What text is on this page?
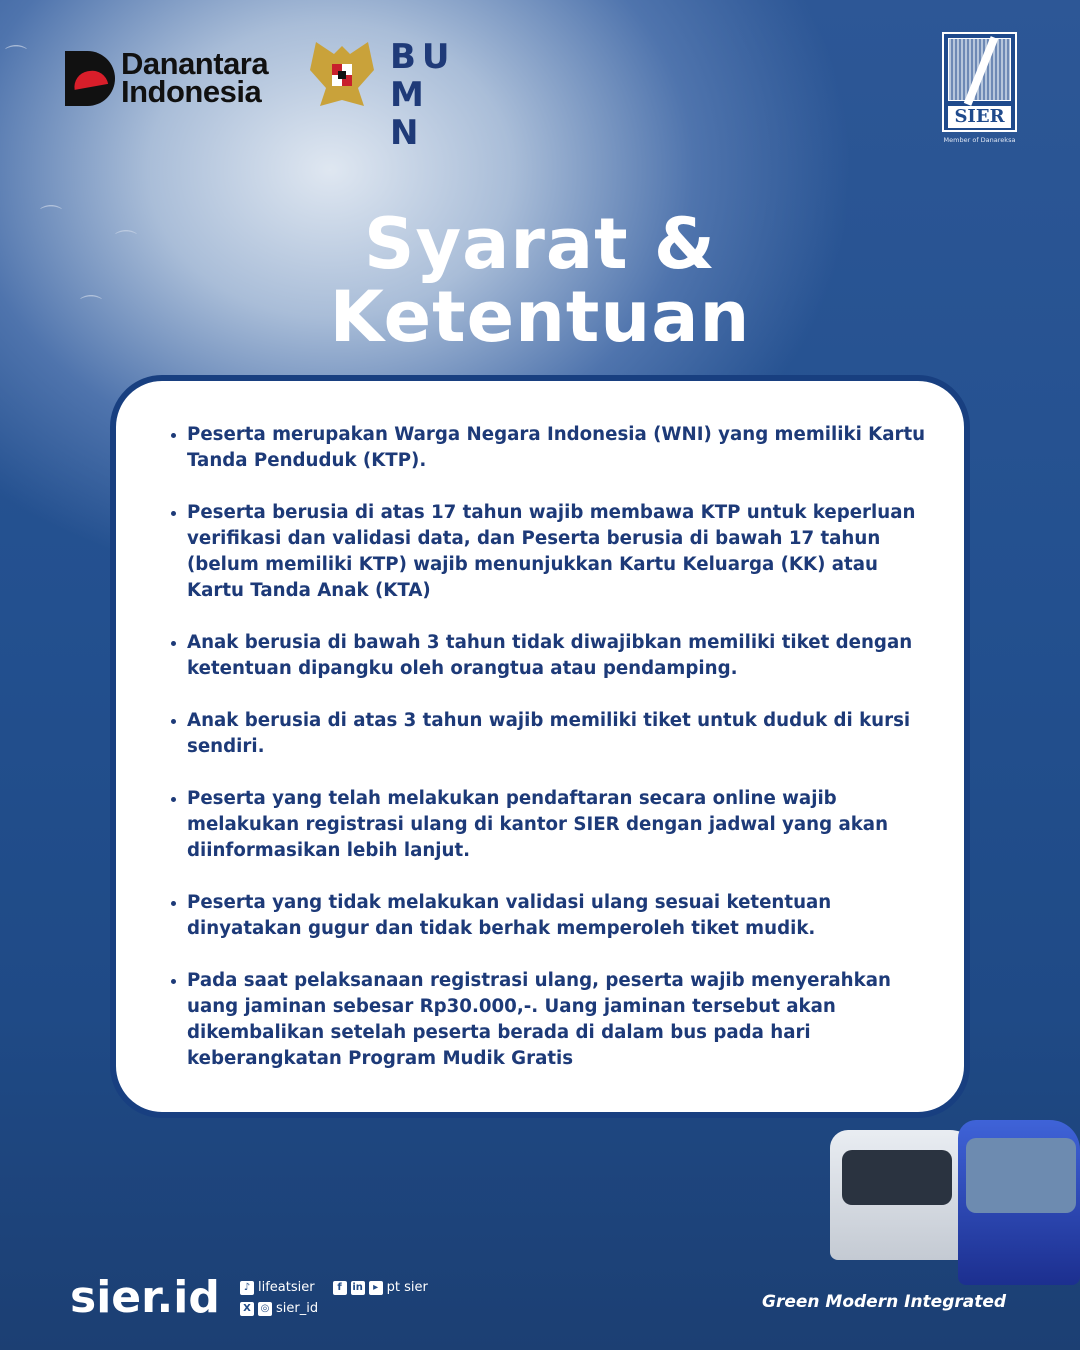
⌒
⌒
⌒
⌒
Danantara
Indonesia
BUMN	SIER
Member of Danareksa
Syarat &
Ketentuan
Peserta merupakan Warga Negara Indonesia (WNI) yang memiliki Kartu Tanda Penduduk (KTP).
Peserta berusia di atas 17 tahun wajib membawa KTP untuk keperluan verifikasi dan validasi data, dan Peserta berusia di bawah 17 tahun (belum memiliki KTP) wajib menunjukkan Kartu Keluarga (KK) atau Kartu Tanda Anak (KTA)
Anak berusia di bawah 3 tahun tidak diwajibkan memiliki tiket dengan ketentuan dipangku oleh orangtua atau pendamping.
Anak berusia di atas 3 tahun wajib memiliki tiket untuk duduk di kursi sendiri.
Peserta yang telah melakukan pendaftaran secara online wajib melakukan registrasi ulang di kantor SIER dengan jadwal yang akan diinformasikan lebih lanjut.
Peserta yang tidak melakukan validasi ulang sesuai ketentuan dinyatakan gugur dan tidak berhak memperoleh tiket mudik.
Pada saat pelaksanaan registrasi ulang, peserta wajib menyerahkan uang jaminan sebesar Rp30.000,-. Uang jaminan tersebut akan dikembalikan setelah peserta berada di dalam bus pada hari keberangkatan Program Mudik Gratis
sier.id	♪ lifeatsier	f	in	▸ pt sier
X ◎ sier_id	Green Modern Integrated
